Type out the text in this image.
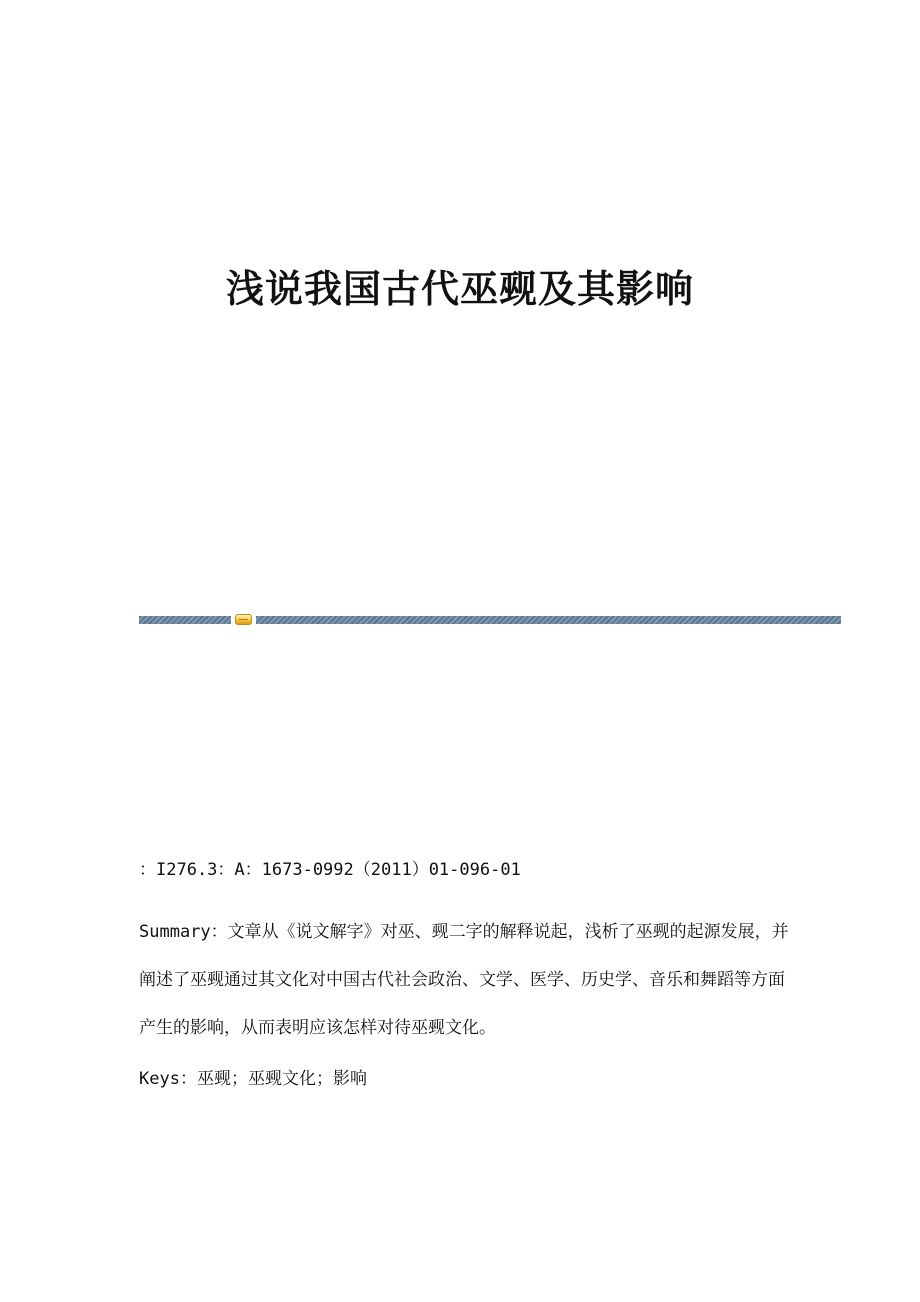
浅说我国古代巫觋及其影响
：I276.3：A：1673-0992（2011）01-096-01
Summary：文章从《说文解字》对巫、觋二字的解释说起，浅析了巫觋的起源发展，并阐述了巫觋通过其文化对中国古代社会政治、文学、医学、历史学、音乐和舞蹈等方面产生的影响，从而表明应该怎样对待巫觋文化。
Keys：巫觋；巫觋文化；影响
